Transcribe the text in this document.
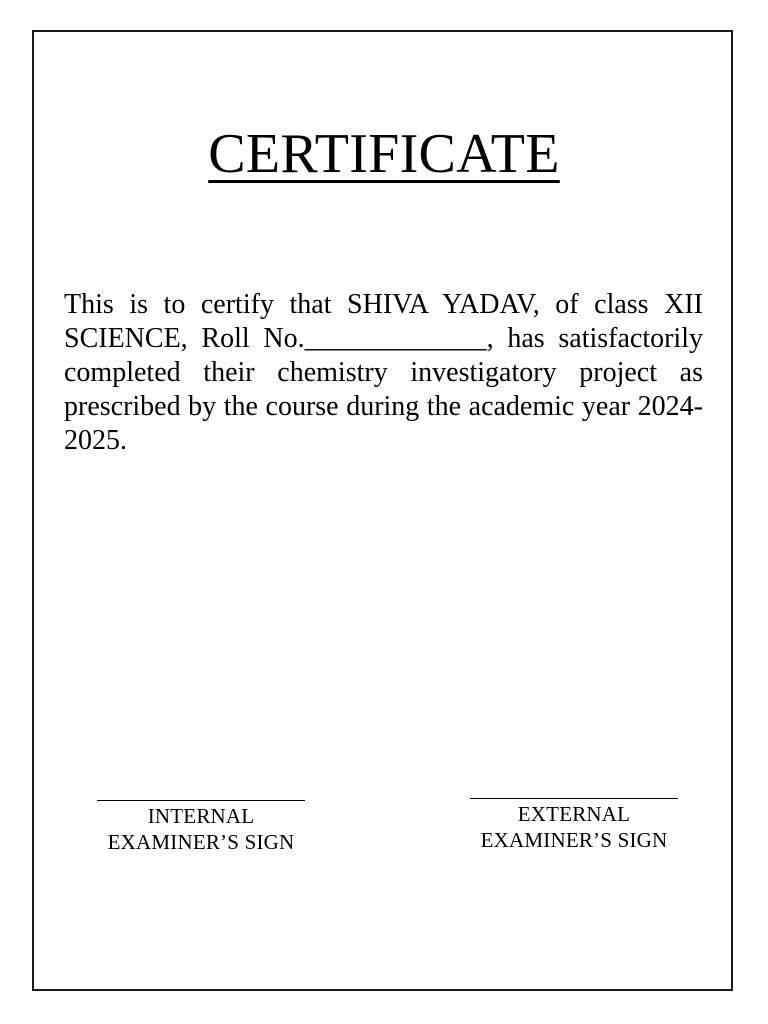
CERTIFICATE

This is to certify that SHIVA YADAV, of class XII SCIENCE, Roll No._____________, has satisfactorily completed their chemistry investigatory project as prescribed by the course during the academic year 2024-2025.

INTERNAL
EXAMINER’S SIGN
EXTERNAL
EXAMINER’S SIGN
